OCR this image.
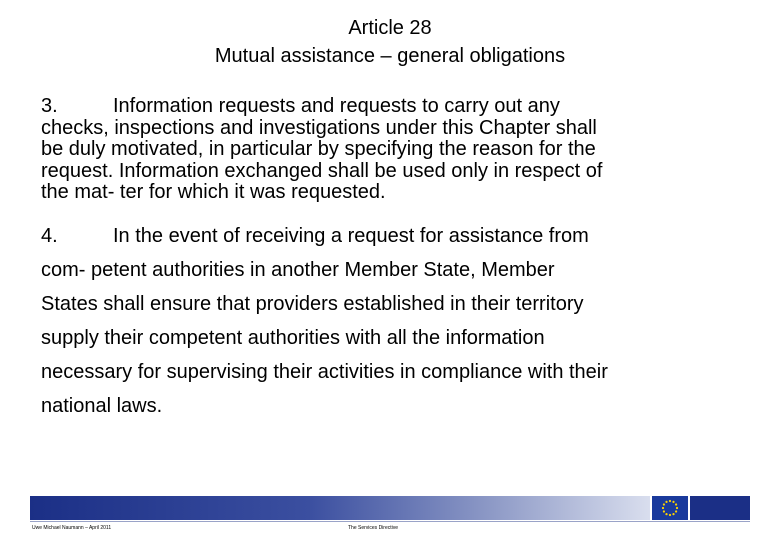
Article 28
Mutual assistance – general obligations
3.	Information requests and requests to carry out any
checks, inspections and investigations under this Chapter shall
be duly motivated, in particular by specifying the reason for the
request. Information exchanged shall be used only in respect of
the mat- ter for which it was requested.
4.	In the event of receiving a request for assistance from
com- petent authorities in another Member State, Member
States shall ensure that providers established in their territory
supply their competent authorities with all the information
necessary for supervising their activities in compliance with their
national laws.
Uwe Michael Naumann – April 2011	The Services Directive
